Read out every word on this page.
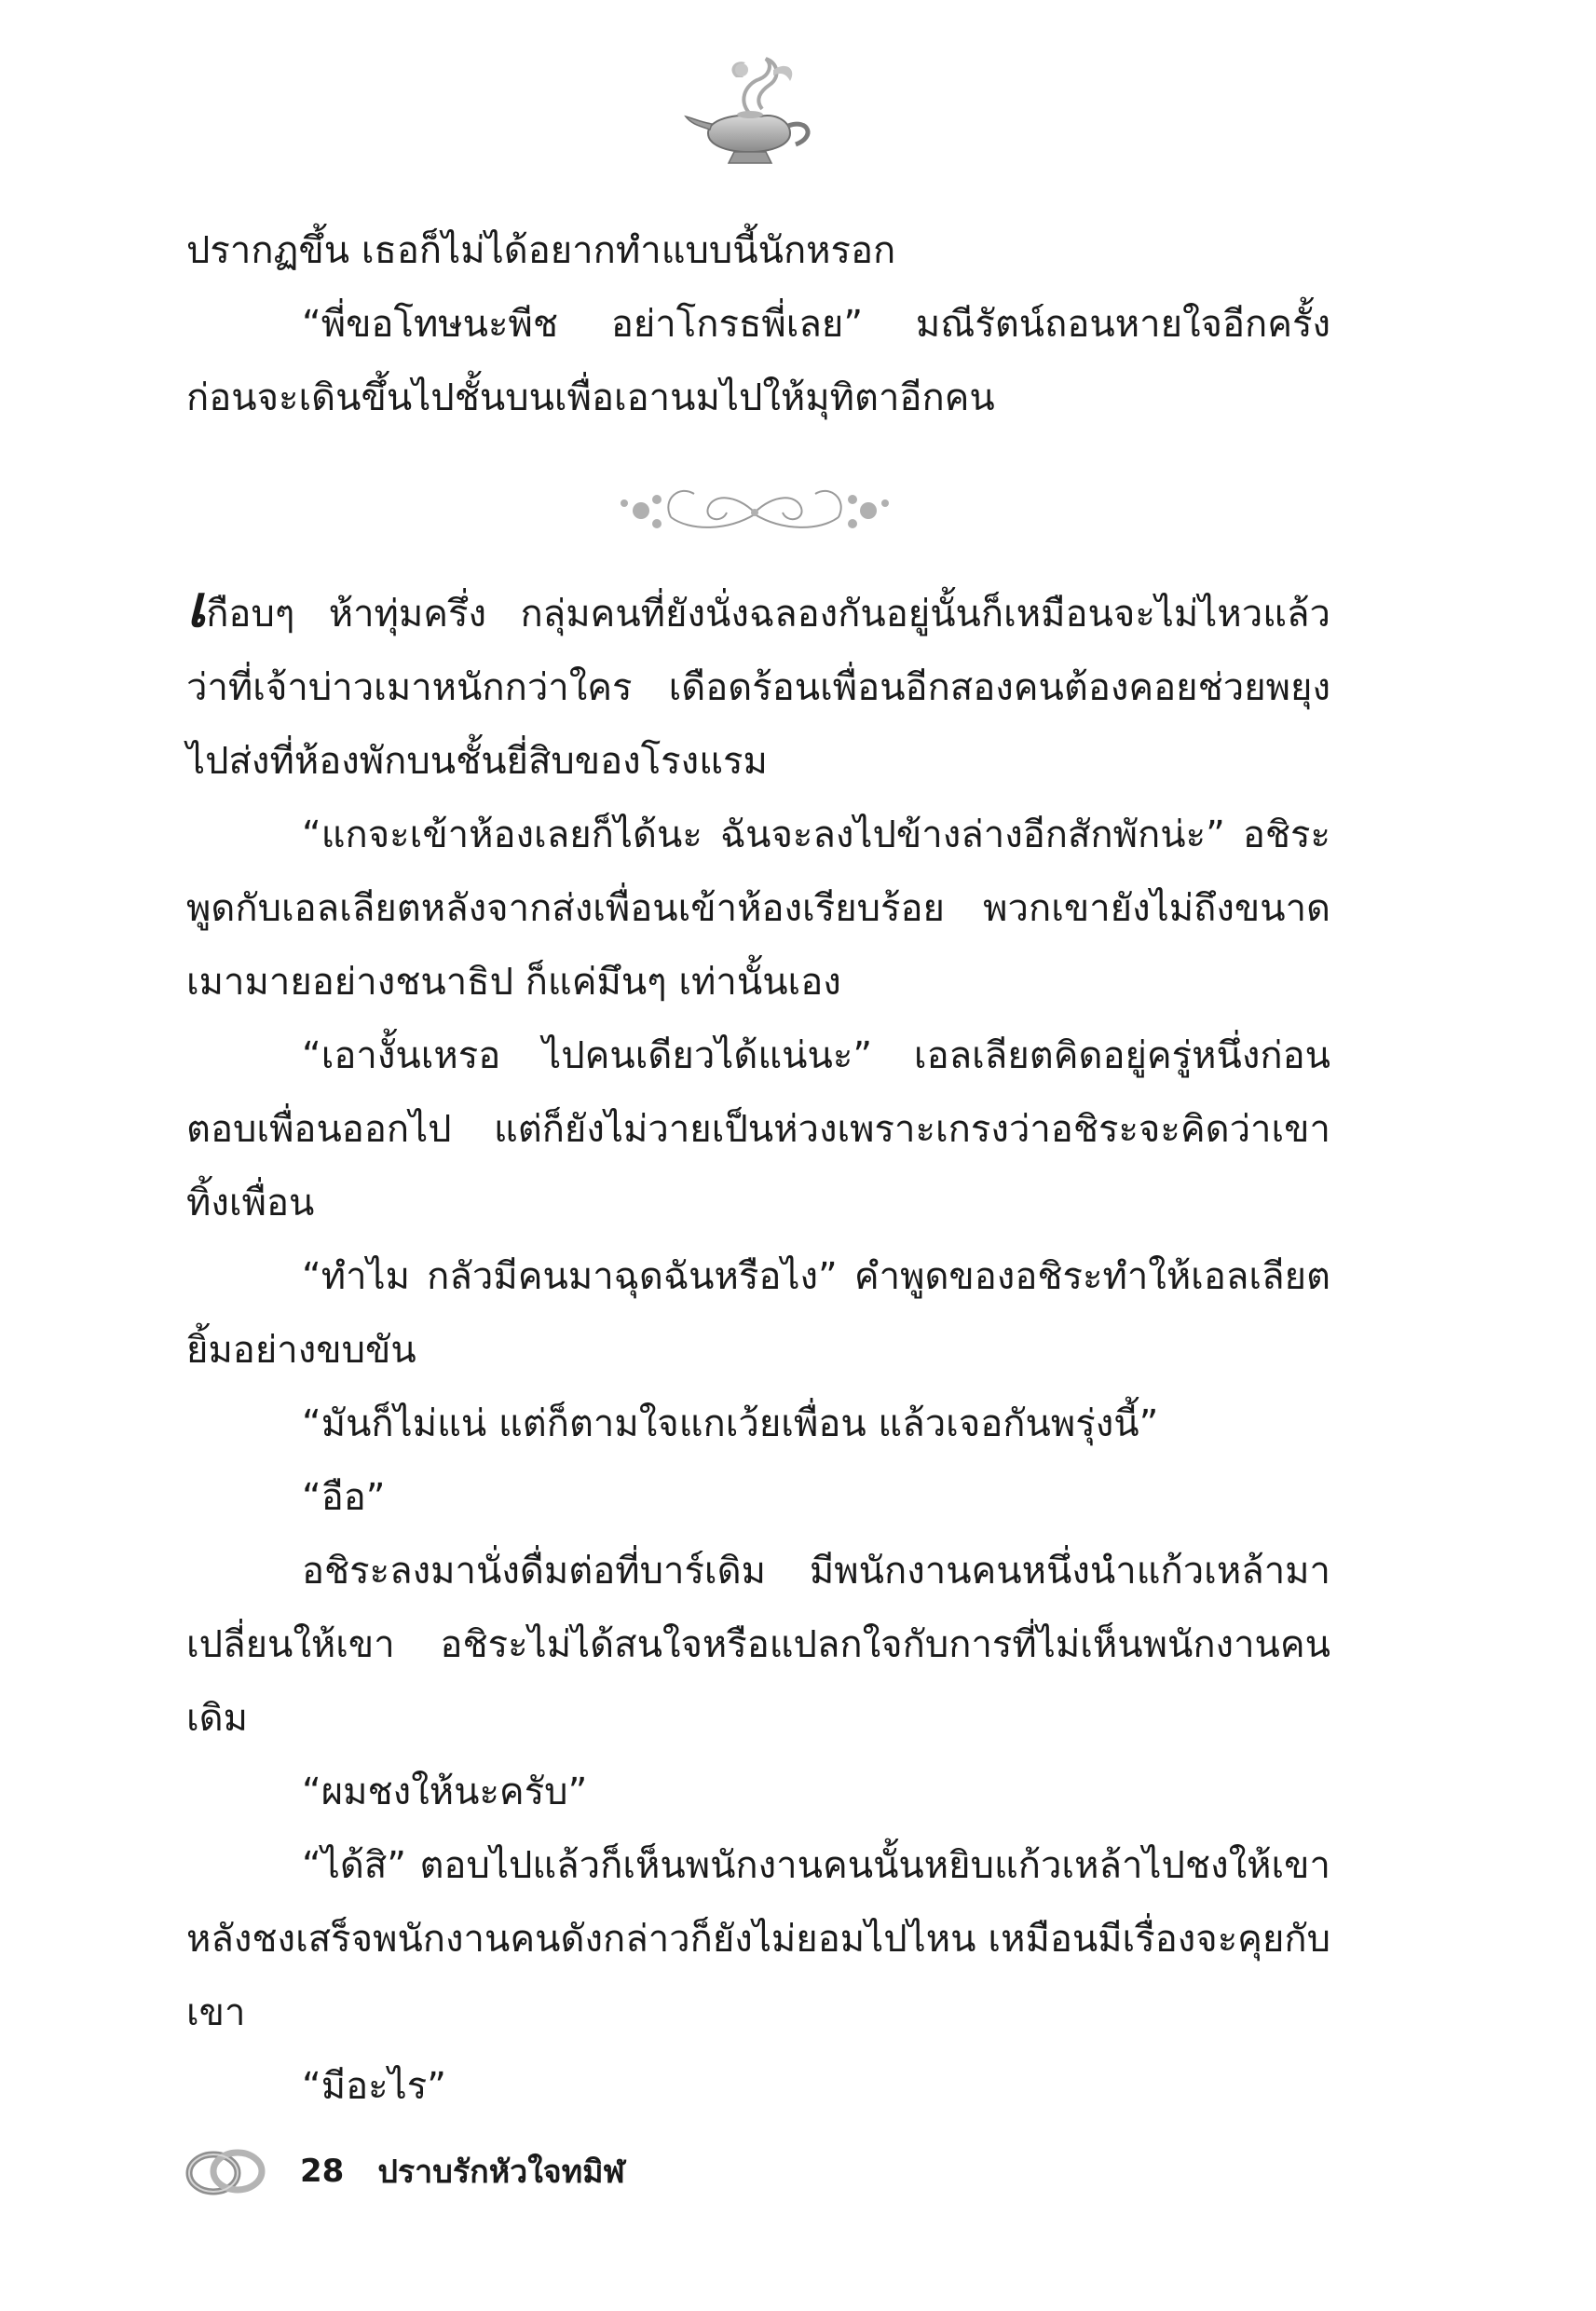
ปรากฏขึ้น เธอก็ไม่ได้อยากทำแบบนี้นักหรอก

“พี่ขอโทษนะพีช อย่าโกรธพี่เลย” มณีรัตน์ถอนหายใจอีกครั้ง ก่อนจะเดินขึ้นไปชั้นบนเพื่อเอานมไปให้มุทิตาอีกคน

เกือบๆ ห้าทุ่มครึ่ง กลุ่มคนที่ยังนั่งฉลองกันอยู่นั้นก็เหมือนจะไม่ไหวแล้ว ว่าที่เจ้าบ่าวเมาหนักกว่าใคร เดือดร้อนเพื่อนอีกสองคนต้องคอยช่วยพยุงไปส่งที่ห้องพักบนชั้นยี่สิบของโรงแรม

“แกจะเข้าห้องเลยก็ได้นะ ฉันจะลงไปข้างล่างอีกสักพักน่ะ” อชิระพูดกับเอลเลียตหลังจากส่งเพื่อนเข้าห้องเรียบร้อย พวกเขายังไม่ถึงขนาดเมามายอย่างชนาธิป ก็แค่มึนๆ เท่านั้นเอง

“เอางั้นเหรอ ไปคนเดียวได้แน่นะ” เอลเลียตคิดอยู่ครู่หนึ่งก่อนตอบเพื่อนออกไป แต่ก็ยังไม่วายเป็นห่วงเพราะเกรงว่าอชิระจะคิดว่าเขาทิ้งเพื่อน

“ทำไม กลัวมีคนมาฉุดฉันหรือไง” คำพูดของอชิระทำให้เอลเลียตยิ้มอย่างขบขัน

“มันก็ไม่แน่ แต่ก็ตามใจแกเว้ยเพื่อน แล้วเจอกันพรุ่งนี้”

“อือ”

อชิระลงมานั่งดื่มต่อที่บาร์เดิม มีพนักงานคนหนึ่งนำแก้วเหล้ามาเปลี่ยนให้เขา อชิระไม่ได้สนใจหรือแปลกใจกับการที่ไม่เห็นพนักงานคนเดิม

“ผมชงให้นะครับ”

“ได้สิ” ตอบไปแล้วก็เห็นพนักงานคนนั้นหยิบแก้วเหล้าไปชงให้เขาหลังชงเสร็จพนักงานคนดังกล่าวก็ยังไม่ยอมไปไหน เหมือนมีเรื่องจะคุยกับเขา

“มีอะไร”

28 ปราบรักหัวใจทมิฬ
